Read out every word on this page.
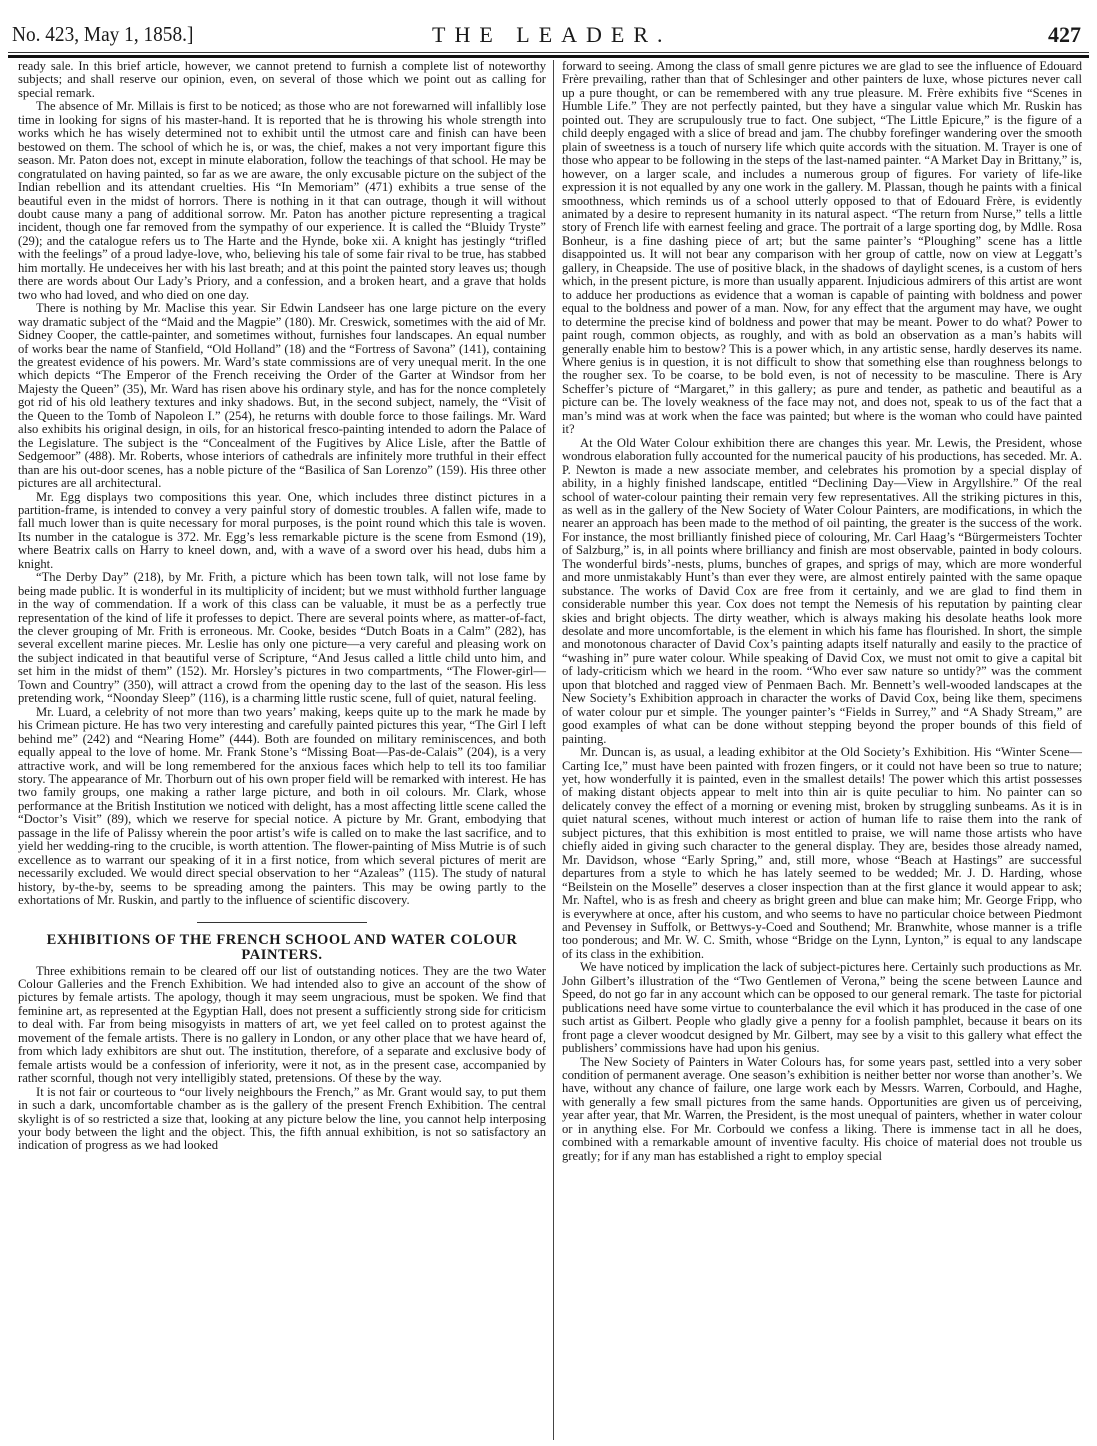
No. 423, May 1, 1858.]	THE LEADER.	427

ready sale. In this brief article, however, we cannot pretend to furnish a complete list of noteworthy subjects; and shall reserve our opinion, even, on several of those which we point out as calling for special remark.

The absence of Mr. Millais is first to be noticed; as those who are not forewarned will infallibly lose time in looking for signs of his master-hand. It is reported that he is throwing his whole strength into works which he has wisely determined not to exhibit until the utmost care and finish can have been bestowed on them. The school of which he is, or was, the chief, makes a not very important figure this season. Mr. Paton does not, except in minute elaboration, follow the teachings of that school. He may be congratulated on having painted, so far as we are aware, the only excusable picture on the subject of the Indian rebellion and its attendant cruelties. His “In Memoriam” (471) exhibits a true sense of the beautiful even in the midst of horrors. There is nothing in it that can outrage, though it will without doubt cause many a pang of additional sorrow. Mr. Paton has another picture representing a tragical incident, though one far removed from the sympathy of our experience. It is called the “Bluidy Tryste” (29); and the catalogue refers us to The Harte and the Hynde, boke xii. A knight has jestingly “trifled with the feelings” of a proud ladye-love, who, believing his tale of some fair rival to be true, has stabbed him mortally. He undeceives her with his last breath; and at this point the painted story leaves us; though there are words about Our Lady’s Priory, and a confession, and a broken heart, and a grave that holds two who had loved, and who died on one day.

There is nothing by Mr. Maclise this year. Sir Edwin Landseer has one large picture on the every way dramatic subject of the “Maid and the Magpie” (180). Mr. Creswick, sometimes with the aid of Mr. Sidney Cooper, the cattle-painter, and sometimes without, furnishes four landscapes. An equal number of works bear the name of Stanfield, “Old Holland” (18) and the “Fortress of Savona” (141), containing the greatest evidence of his powers. Mr. Ward’s state commissions are of very unequal merit. In the one which depicts “The Emperor of the French receiving the Order of the Garter at Windsor from her Majesty the Queen” (35), Mr. Ward has risen above his ordinary style, and has for the nonce completely got rid of his old leathery textures and inky shadows. But, in the second subject, namely, the “Visit of the Queen to the Tomb of Napoleon I.” (254), he returns with double force to those failings. Mr. Ward also exhibits his original design, in oils, for an historical fresco-painting intended to adorn the Palace of the Legislature. The subject is the “Concealment of the Fugitives by Alice Lisle, after the Battle of Sedgemoor” (488). Mr. Roberts, whose interiors of cathedrals are infinitely more truthful in their effect than are his out-door scenes, has a noble picture of the “Basilica of San Lorenzo” (159). His three other pictures are all architectural.

Mr. Egg displays two compositions this year. One, which includes three distinct pictures in a partition-frame, is intended to convey a very painful story of domestic troubles. A fallen wife, made to fall much lower than is quite necessary for moral purposes, is the point round which this tale is woven. Its number in the catalogue is 372. Mr. Egg’s less remarkable picture is the scene from Esmond (19), where Beatrix calls on Harry to kneel down, and, with a wave of a sword over his head, dubs him a knight.

“The Derby Day” (218), by Mr. Frith, a picture which has been town talk, will not lose fame by being made public. It is wonderful in its multiplicity of incident; but we must withhold further language in the way of commendation. If a work of this class can be valuable, it must be as a perfectly true representation of the kind of life it professes to depict. There are several points where, as matter-of-fact, the clever grouping of Mr. Frith is erroneous. Mr. Cooke, besides “Dutch Boats in a Calm” (282), has several excellent marine pieces. Mr. Leslie has only one picture—a very careful and pleasing work on the subject indicated in that beautiful verse of Scripture, “And Jesus called a little child unto him, and set him in the midst of them” (152). Mr. Horsley’s pictures in two compartments, “The Flower-girl—Town and Country” (350), will attract a crowd from the opening day to the last of the season. His less pretending work, “Noonday Sleep” (116), is a charming little rustic scene, full of quiet, natural feeling.

Mr. Luard, a celebrity of not more than two years’ making, keeps quite up to the mark he made by his Crimean picture. He has two very interesting and carefully painted pictures this year, “The Girl I left behind me” (242) and “Nearing Home” (444). Both are founded on military reminiscences, and both equally appeal to the love of home. Mr. Frank Stone’s “Missing Boat—Pas-de-Calais” (204), is a very attractive work, and will be long remembered for the anxious faces which help to tell its too familiar story. The appearance of Mr. Thorburn out of his own proper field will be remarked with interest. He has two family groups, one making a rather large picture, and both in oil colours. Mr. Clark, whose performance at the British Institution we noticed with delight, has a most affecting little scene called the “Doctor’s Visit” (89), which we reserve for special notice. A picture by Mr. Grant, embodying that passage in the life of Palissy wherein the poor artist’s wife is called on to make the last sacrifice, and to yield her wedding-ring to the crucible, is worth attention. The flower-painting of Miss Mutrie is of such excellence as to warrant our speaking of it in a first notice, from which several pictures of merit are necessarily excluded. We would direct special observation to her “Azaleas” (115). The study of natural history, by-the-by, seems to be spreading among the painters. This may be owing partly to the exhortations of Mr. Ruskin, and partly to the influence of scientific discovery.

EXHIBITIONS OF THE FRENCH SCHOOL AND WATER COLOUR PAINTERS.

Three exhibitions remain to be cleared off our list of outstanding notices. They are the two Water Colour Galleries and the French Exhibition. We had intended also to give an account of the show of pictures by female artists. The apology, though it may seem ungracious, must be spoken. We find that feminine art, as represented at the Egyptian Hall, does not present a sufficiently strong side for criticism to deal with. Far from being misogyists in matters of art, we yet feel called on to protest against the movement of the female artists. There is no gallery in London, or any other place that we have heard of, from which lady exhibitors are shut out. The institution, therefore, of a separate and exclusive body of female artists would be a confession of inferiority, were it not, as in the present case, accompanied by rather scornful, though not very intelligibly stated, pretensions. Of these by the way.

It is not fair or courteous to “our lively neighbours the French,” as Mr. Grant would say, to put them in such a dark, uncomfortable chamber as is the gallery of the present French Exhibition. The central skylight is of so restricted a size that, looking at any picture below the line, you cannot help interposing your body between the light and the object. This, the fifth annual exhibition, is not so satisfactory an indication of progress as we had looked

forward to seeing. Among the class of small genre pictures we are glad to see the influence of Edouard Frère prevailing, rather than that of Schlesinger and other painters de luxe, whose pictures never call up a pure thought, or can be remembered with any true pleasure. M. Frère exhibits five “Scenes in Humble Life.” They are not perfectly painted, but they have a singular value which Mr. Ruskin has pointed out. They are scrupulously true to fact. One subject, “The Little Epicure,” is the figure of a child deeply engaged with a slice of bread and jam. The chubby forefinger wandering over the smooth plain of sweetness is a touch of nursery life which quite accords with the situation. M. Trayer is one of those who appear to be following in the steps of the last-named painter. “A Market Day in Brittany,” is, however, on a larger scale, and includes a numerous group of figures. For variety of life-like expression it is not equalled by any one work in the gallery. M. Plassan, though he paints with a finical smoothness, which reminds us of a school utterly opposed to that of Edouard Frère, is evidently animated by a desire to represent humanity in its natural aspect. “The return from Nurse,” tells a little story of French life with earnest feeling and grace. The portrait of a large sporting dog, by Mdlle. Rosa Bonheur, is a fine dashing piece of art; but the same painter’s “Ploughing” scene has a little disappointed us. It will not bear any comparison with her group of cattle, now on view at Leggatt’s gallery, in Cheapside. The use of positive black, in the shadows of daylight scenes, is a custom of hers which, in the present picture, is more than usually apparent. Injudicious admirers of this artist are wont to adduce her productions as evidence that a woman is capable of painting with boldness and power equal to the boldness and power of a man. Now, for any effect that the argument may have, we ought to determine the precise kind of boldness and power that may be meant. Power to do what? Power to paint rough, common objects, as roughly, and with as bold an observation as a man’s habits will generally enable him to bestow? This is a power which, in any artistic sense, hardly deserves its name. Where genius is in question, it is not difficult to show that something else than roughness belongs to the rougher sex. To be coarse, to be bold even, is not of necessity to be masculine. There is Ary Scheffer’s picture of “Margaret,” in this gallery; as pure and tender, as pathetic and beautiful as a picture can be. The lovely weakness of the face may not, and does not, speak to us of the fact that a man’s mind was at work when the face was painted; but where is the woman who could have painted it?

At the Old Water Colour exhibition there are changes this year. Mr. Lewis, the President, whose wondrous elaboration fully accounted for the numerical paucity of his productions, has seceded. Mr. A. P. Newton is made a new associate member, and celebrates his promotion by a special display of ability, in a highly finished landscape, entitled “Declining Day—View in Argyllshire.” Of the real school of water-colour painting their remain very few representatives. All the striking pictures in this, as well as in the gallery of the New Society of Water Colour Painters, are modifications, in which the nearer an approach has been made to the method of oil painting, the greater is the success of the work. For instance, the most brilliantly finished piece of colouring, Mr. Carl Haag’s “Bürgermeisters Tochter of Salzburg,” is, in all points where brilliancy and finish are most observable, painted in body colours. The wonderful birds’-nests, plums, bunches of grapes, and sprigs of may, which are more wonderful and more unmistakably Hunt’s than ever they were, are almost entirely painted with the same opaque substance. The works of David Cox are free from it certainly, and we are glad to find them in considerable number this year. Cox does not tempt the Nemesis of his reputation by painting clear skies and bright objects. The dirty weather, which is always making his desolate heaths look more desolate and more uncomfortable, is the element in which his fame has flourished. In short, the simple and monotonous character of David Cox’s painting adapts itself naturally and easily to the practice of “washing in” pure water colour. While speaking of David Cox, we must not omit to give a capital bit of lady-criticism which we heard in the room. “Who ever saw nature so untidy?” was the comment upon that blotched and ragged view of Penmaen Bach. Mr. Bennett’s well-wooded landscapes at the New Society’s Exhibition approach in character the works of David Cox, being like them, specimens of water colour pur et simple. The younger painter’s “Fields in Surrey,” and “A Shady Stream,” are good examples of what can be done without stepping beyond the proper bounds of this field of painting.

Mr. Duncan is, as usual, a leading exhibitor at the Old Society’s Exhibition. His “Winter Scene—Carting Ice,” must have been painted with frozen fingers, or it could not have been so true to nature; yet, how wonderfully it is painted, even in the smallest details! The power which this artist possesses of making distant objects appear to melt into thin air is quite peculiar to him. No painter can so delicately convey the effect of a morning or evening mist, broken by struggling sunbeams. As it is in quiet natural scenes, without much interest or action of human life to raise them into the rank of subject pictures, that this exhibition is most entitled to praise, we will name those artists who have chiefly aided in giving such character to the general display. They are, besides those already named, Mr. Davidson, whose “Early Spring,” and, still more, whose “Beach at Hastings” are successful departures from a style to which he has lately seemed to be wedded; Mr. J. D. Harding, whose “Beilstein on the Moselle” deserves a closer inspection than at the first glance it would appear to ask; Mr. Naftel, who is as fresh and cheery as bright green and blue can make him; Mr. George Fripp, who is everywhere at once, after his custom, and who seems to have no particular choice between Piedmont and Pevensey in Suffolk, or Bettwys-y-Coed and Southend; Mr. Branwhite, whose manner is a trifle too ponderous; and Mr. W. C. Smith, whose “Bridge on the Lynn, Lynton,” is equal to any landscape of its class in the exhibition.

We have noticed by implication the lack of subject-pictures here. Certainly such productions as Mr. John Gilbert’s illustration of the “Two Gentlemen of Verona,” being the scene between Launce and Speed, do not go far in any account which can be opposed to our general remark. The taste for pictorial publications need have some virtue to counterbalance the evil which it has produced in the case of one such artist as Gilbert. People who gladly give a penny for a foolish pamphlet, because it bears on its front page a clever woodcut designed by Mr. Gilbert, may see by a visit to this gallery what effect the publishers’ commissions have had upon his genius.

The New Society of Painters in Water Colours has, for some years past, settled into a very sober condition of permanent average. One season’s exhibition is neither better nor worse than another’s. We have, without any chance of failure, one large work each by Messrs. Warren, Corbould, and Haghe, with generally a few small pictures from the same hands. Opportunities are given us of perceiving, year after year, that Mr. Warren, the President, is the most unequal of painters, whether in water colour or in anything else. For Mr. Corbould we confess a liking. There is immense tact in all he does, combined with a remarkable amount of inventive faculty. His choice of material does not trouble us greatly; for if any man has established a right to employ special
